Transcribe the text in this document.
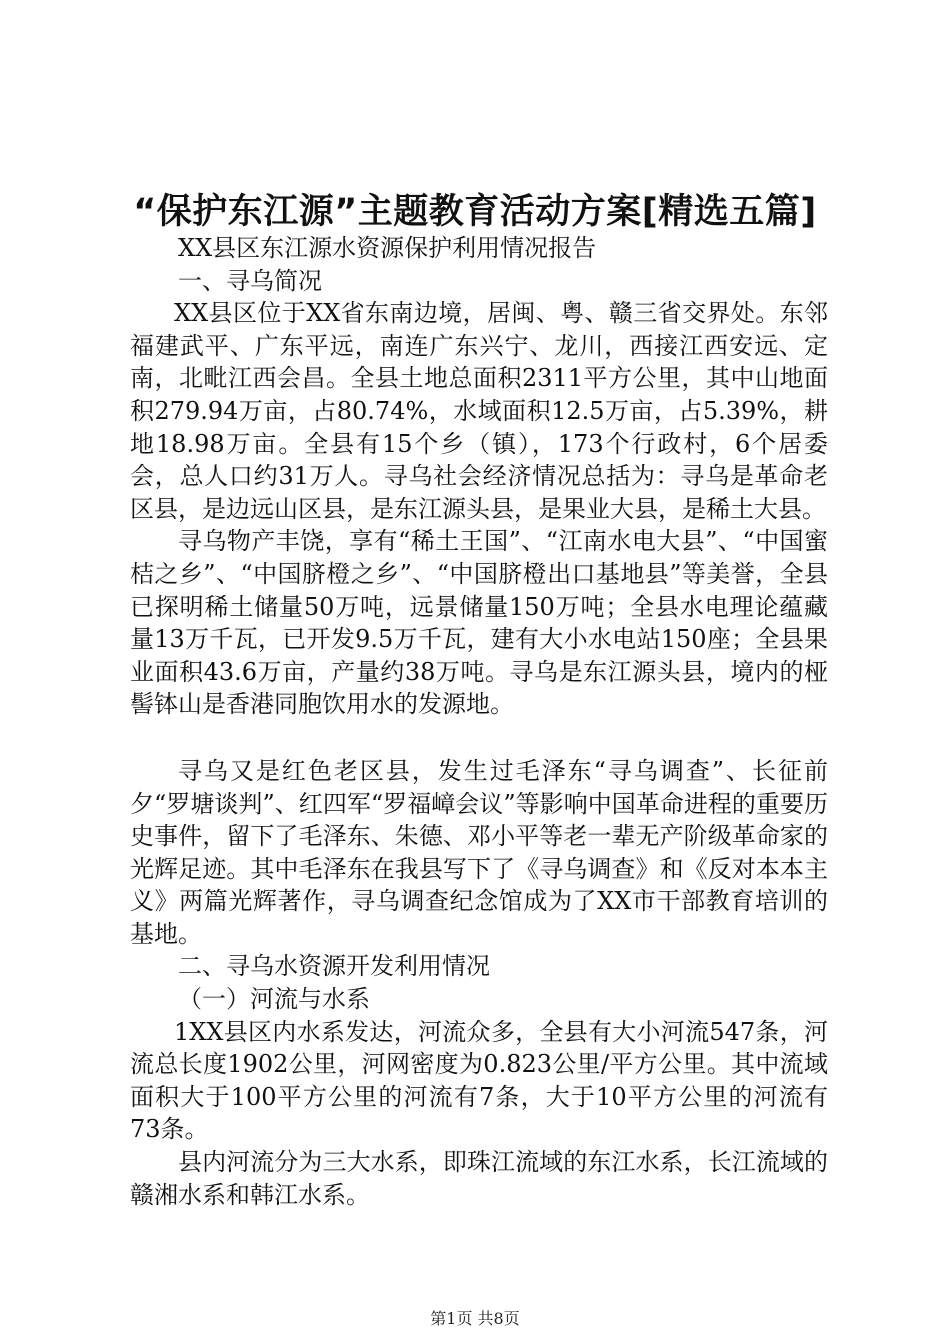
“保护东江源”主题教育活动方案[精选五篇]

XX县区东江源水资源保护利用情况报告

一、寻乌简况

XX县区位于XX省东南边境，居闽、粤、赣三省交界处。东邻福建武平、广东平远，南连广东兴宁、龙川，西接江西安远、定南，北毗江西会昌。全县土地总面积2311平方公里，其中山地面积279.94万亩，占80.74%，水域面积12.5万亩，占5.39%，耕地18.98万亩。全县有15个乡（镇），173个行政村，6个居委会，总人口约31万人。寻乌社会经济情况总括为：寻乌是革命老区县，是边远山区县，是东江源头县，是果业大县，是稀土大县。

寻乌物产丰饶，享有“稀土王国”、“江南水电大县”、“中国蜜桔之乡”、“中国脐橙之乡”、“中国脐橙出口基地县”等美誉，全县已探明稀土储量50万吨，远景储量150万吨；全县水电理论蕴藏量13万千瓦，已开发9.5万千瓦，建有大小水电站150座；全县果业面积43.6万亩，产量约38万吨。寻乌是东江源头县，境内的桠髻钵山是香港同胞饮用水的发源地。

寻乌又是红色老区县，发生过毛泽东“寻乌调查”、长征前夕“罗塘谈判”、红四军“罗福嶂会议”等影响中国革命进程的重要历史事件，留下了毛泽东、朱德、邓小平等老一辈无产阶级革命家的光辉足迹。其中毛泽东在我县写下了《寻乌调查》和《反对本本主义》两篇光辉著作，寻乌调查纪念馆成为了XX市干部教育培训的基地。

二、寻乌水资源开发利用情况

（一）河流与水系

1XX县区内水系发达，河流众多，全县有大小河流547条，河流总长度1902公里，河网密度为0.823公里/平方公里。其中流域面积大于100平方公里的河流有7条，大于10平方公里的河流有73条。

县内河流分为三大水系，即珠江流域的东江水系，长江流域的赣湘水系和韩江水系。

第1页 共8页
